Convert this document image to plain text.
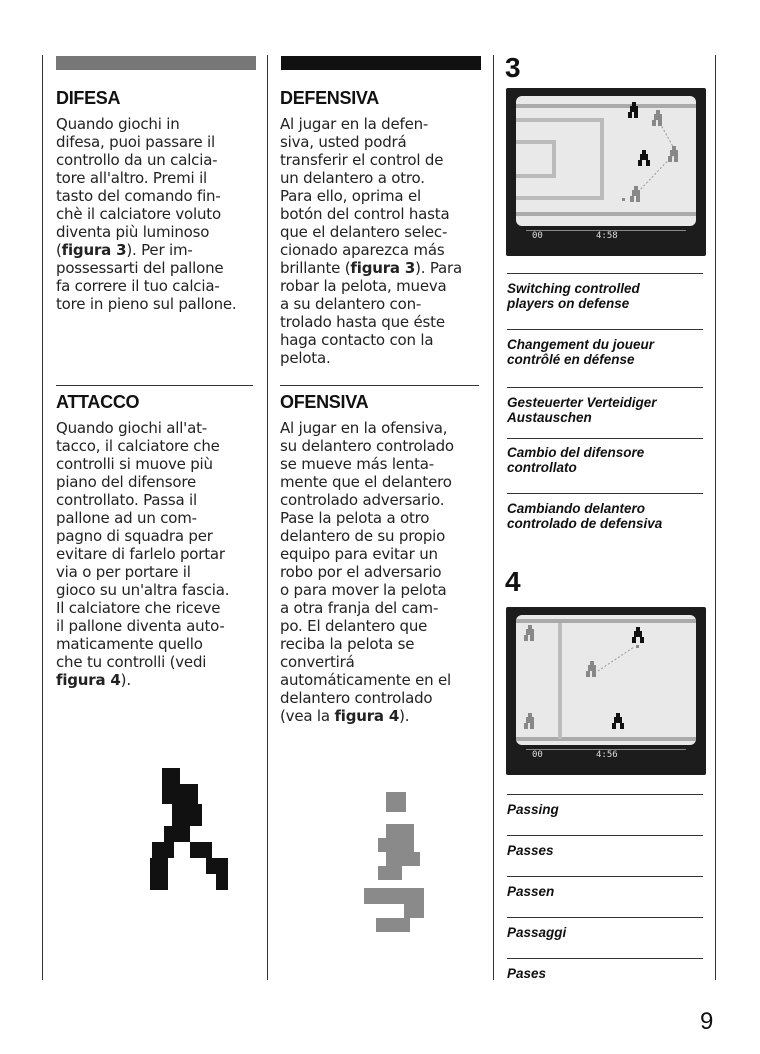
DIFESA
Quando giochi in
difesa, puoi passare il
controllo da un calcia-
tore all'altro. Premi il
tasto del comando fin-
chè il calciatore voluto
diventa più luminoso
(figura 3). Per im-
possessarti del pallone
fa correre il tuo calcia-
tore in pieno sul pallone.
ATTACCO
Quando giochi all'at-
tacco, il calciatore che
controlli si muove più
piano del difensore
controllato. Passa il
pallone ad un com-
pagno di squadra per
evitare di farlelo portar
via o per portare il
gioco su un'altra fascia.
Il calciatore che riceve
il pallone diventa auto-
maticamente quello
che tu controlli (vedi
figura 4).
DEFENSIVA
Al jugar en la defen-
siva, usted podrá
transferir el control de
un delantero a otro.
Para ello, oprima el
botón del control hasta
que el delantero selec-
cionado aparezca más
brillante (figura 3). Para
robar la pelota, mueva
a su delantero con-
trolado hasta que éste
haga contacto con la
pelota.
OFENSIVA
Al jugar en la ofensiva,
su delantero controlado
se mueve más lenta-
mente que el delantero
controlado adversario.
Pase la pelota a otro
delantero de su propio
equipo para evitar un
robo por el adversario
o para mover la pelota
a otra franja del cam-
po. El delantero que
reciba la pelota se
convertirá
automáticamente en el
delantero controlado
(vea la figura 4).
3
00	4:58
Switching controlled
players on defense
Changement du joueur
contrôlé en défense
Gesteuerter Verteidiger
Austauschen
Cambio del difensore
controllato
Cambiando delantero
controlado de defensiva
4
00	4:56
Passing
Passes
Passen
Passaggi
Pases
9
